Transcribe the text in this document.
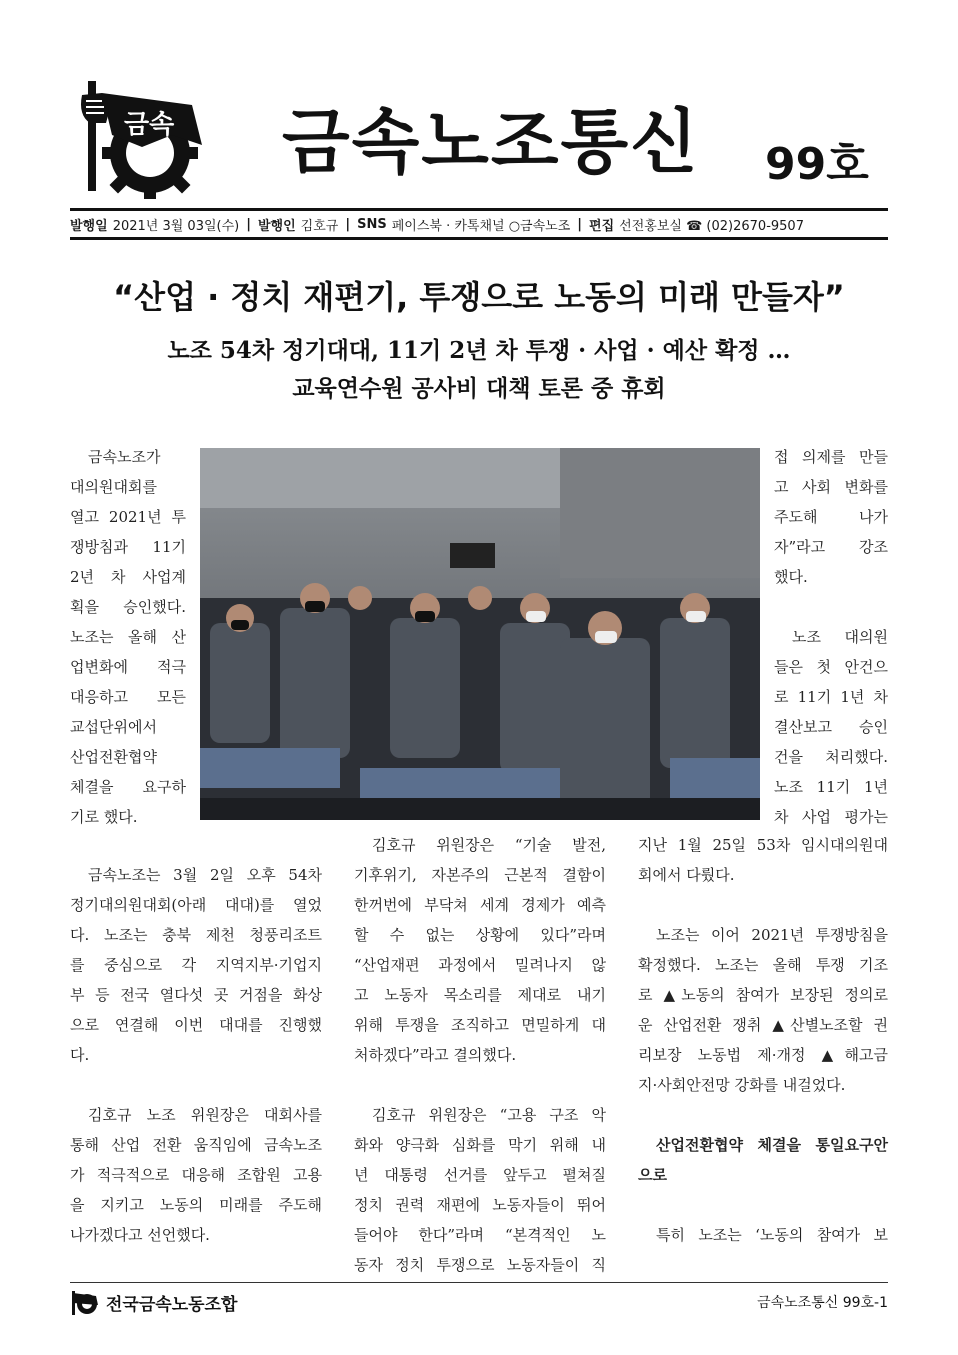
금속 금속노조통신 99호
발행일 2021년 3월 03일(수) | 발행인 김호규 | SNS 페이스북 · 카톡채널 ○금속노조 | 편집 선전홍보실 ☎ (02)2670-9507
“산업 · 정치 재편기, 투쟁으로 노동의 미래 만들자”
노조 54차 정기대대, 11기 2년 차 투쟁 · 사업 · 예산 확정 …
교육연수원 공사비 대책 토론 중 휴회

금속노조가

대의원대회를

열고 2021년 투

쟁방침과 11기

2년 차 사업계

획을 승인했다.

노조는 올해 산

업변화에 적극

대응하고 모든

교섭단위에서

산업전환협약

체결을 요구하

기로 했다.

금속노조는 3월 2일 오후 54차

정기대의원대회(아래 대대)를 열었

다. 노조는 충북 제천 청풍리조트

를 중심으로 각 지역지부·기업지

부 등 전국 열다섯 곳 거점을 화상

으로 연결해 이번 대대를 진행했

다.

김호규 노조 위원장은 대회사를

통해 산업 전환 움직임에 금속노조

가 적극적으로 대응해 조합원 고용

을 지키고 노동의 미래를 주도해

나가겠다고 선언했다.

김호규 위원장은 “기술 발전,

기후위기, 자본주의 근본적 결함이

한꺼번에 부닥쳐 세계 경제가 예측

할 수 없는 상황에 있다”라며

“산업재편 과정에서 밀려나지 않

고 노동자 목소리를 제대로 내기

위해 투쟁을 조직하고 면밀하게 대

처하겠다”라고 결의했다.

김호규 위원장은 “고용 구조 악

화와 양극화 심화를 막기 위해 내

년 대통령 선거를 앞두고 펼쳐질

정치 권력 재편에 노동자들이 뛰어

들어야 한다”라며 “본격적인 노

동자 정치 투쟁으로 노동자들이 직

접 의제를 만들

고 사회 변화를

주도해 나가

자”라고 강조

했다.

노조 대의원

들은 첫 안건으

로 11기 1년 차

결산보고 승인

건을 처리했다.

노조 11기 1년

차 사업 평가는

지난 1월 25일 53차 임시대의원대

회에서 다뤘다.

노조는 이어 2021년 투쟁방침을

확정했다. 노조는 올해 투쟁 기조

로 ▲노동의 참여가 보장된 정의로

운 산업전환 쟁취 ▲산별노조할 권

리보장 노동법 제·개정 ▲해고금

지·사회안전망 강화를 내걸었다.

산업전환협약 체결을 통일요구안

으로

특히 노조는 ‘노동의 참여가 보

전국금속노동조합	금속노조통신 99호-1
